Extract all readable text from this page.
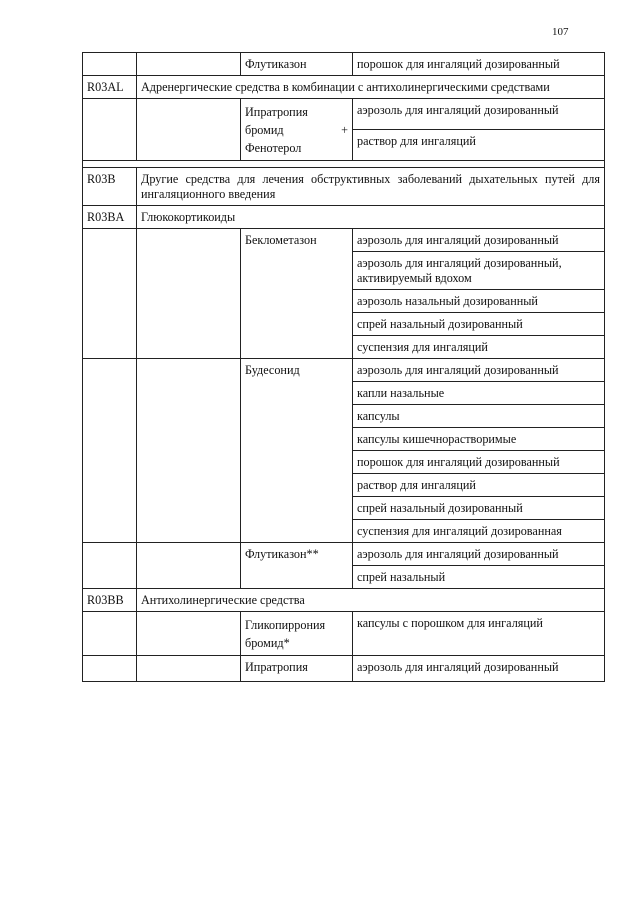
107
		Флутиказон	порошок для ингаляций дозированный
R03AL	Адренергические средства в комбинации с антихолинергическими средствами		
		Ипратропия бромид + Фенотерол	аэрозоль для ингаляций дозированный
			раствор для ингаляций

R03B	Другие средства для лечения обструктивных заболеваний дыхательных путей для ингаляционного введения		
R03BA	Глюкокортикоиды		
		Беклометазон	аэрозоль для ингаляций дозированный
			аэрозоль для ингаляций дозированный, активируемый вдохом
			аэрозоль назальный дозированный
			спрей назальный дозированный
			суспензия для ингаляций
		Будесонид	аэрозоль для ингаляций дозированный
			капли назальные
			капсулы
			капсулы кишечнорастворимые
			порошок для ингаляций дозированный
			раствор для ингаляций
			спрей назальный дозированный
			суспензия для ингаляций дозированная
		Флутиказон**	аэрозоль для ингаляций дозированный
			спрей назальный
R03BB	Антихолинергические средства		
		Гликопиррония бромид*	капсулы с порошком для ингаляций
		Ипратропия	аэрозоль для ингаляций дозированный
